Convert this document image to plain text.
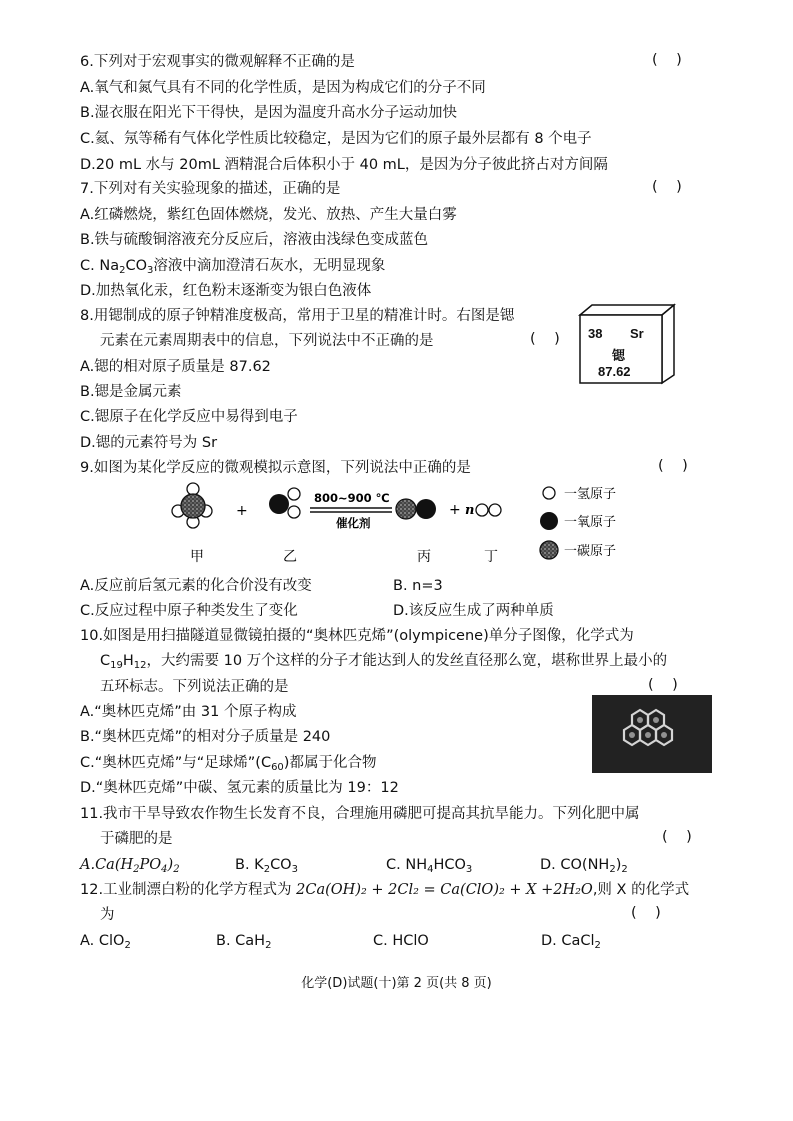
6.下列对于宏观事实的微观解释不正确的是	(    )
A.氧气和氮气具有不同的化学性质，是因为构成它们的分子不同
B.湿衣服在阳光下干得快，是因为温度升高水分子运动加快
C.氦、氖等稀有气体化学性质比较稳定，是因为它们的原子最外层都有 8 个电子
D.20 mL 水与 20mL 酒精混合后体积小于 40 mL，是因为分子彼此挤占对方间隔
7.下列对有关实验现象的描述，正确的是	(    )
A.红磷燃烧，紫红色固体燃烧，发光、放热、产生大量白雾
B.铁与硫酸铜溶液充分反应后，溶液由浅绿色变成蓝色
C. $Na_2CO_3$溶液中滴加澄清石灰水，无明显现象
D.加热氧化汞，红色粉末逐渐变为银白色液体
8.用锶制成的原子钟精准度极高，常用于卫星的精准计时。右图是锶
元素在元素周期表中的信息，下列说法中不正确的是	(    )
A.锶的相对原子质量是 87.62
B.锶是金属元素
C.锶原子在化学反应中易得到电子
D.锶的元素符号为 Sr
38 Sr
锶
87.62
9.如图为某化学反应的微观模拟示意图，下列说法中正确的是	(    )
+
800~900 ℃
催化剂
+ n
甲	乙	丙	丁
一氢原子
一氧原子
一碳原子
A.反应前后氢元素的化合价没有改变	B. n=3
C.反应过程中原子种类发生了变化	D.该反应生成了两种单质
10.如图是用扫描隧道显微镜拍摄的“奥林匹克烯”(olympicene)单分子图像，化学式为
$C_{19}H_{12}$，大约需要 10 万个这样的分子才能达到人的发丝直径那么宽，堪称世界上最小的
五环标志。下列说法正确的是	(    )
A.“奥林匹克烯”由 31 个原子构成
B.“奥林匹克烯”的相对分子质量是 240
C.“奥林匹克烯”与“足球烯$”(C_{60})$都属于化合物
D.“奥林匹克烯”中碳、氢元素的质量比为 19：12
11.我市干旱导致农作物生长发育不良，合理施用磷肥可提高其抗旱能力。下列化肥中属
于磷肥的是	(    )
$A.Ca(H_2PO_4)_2$	B. $K_2CO_3$	C. $NH_4HCO_3$	D. $CO(NH_2)_2$
12.工业制漂白粉的化学方程式为 2Ca(OH)₂ + 2Cl₂ = Ca(ClO)₂ + X +2H₂O,则 X 的化学式
为	(    )
A. ClO$_2$	B. CaH$_2$	C. HClO	D. CaCl$_2$
化学(D)试题(十)第 2 页(共 8 页)
